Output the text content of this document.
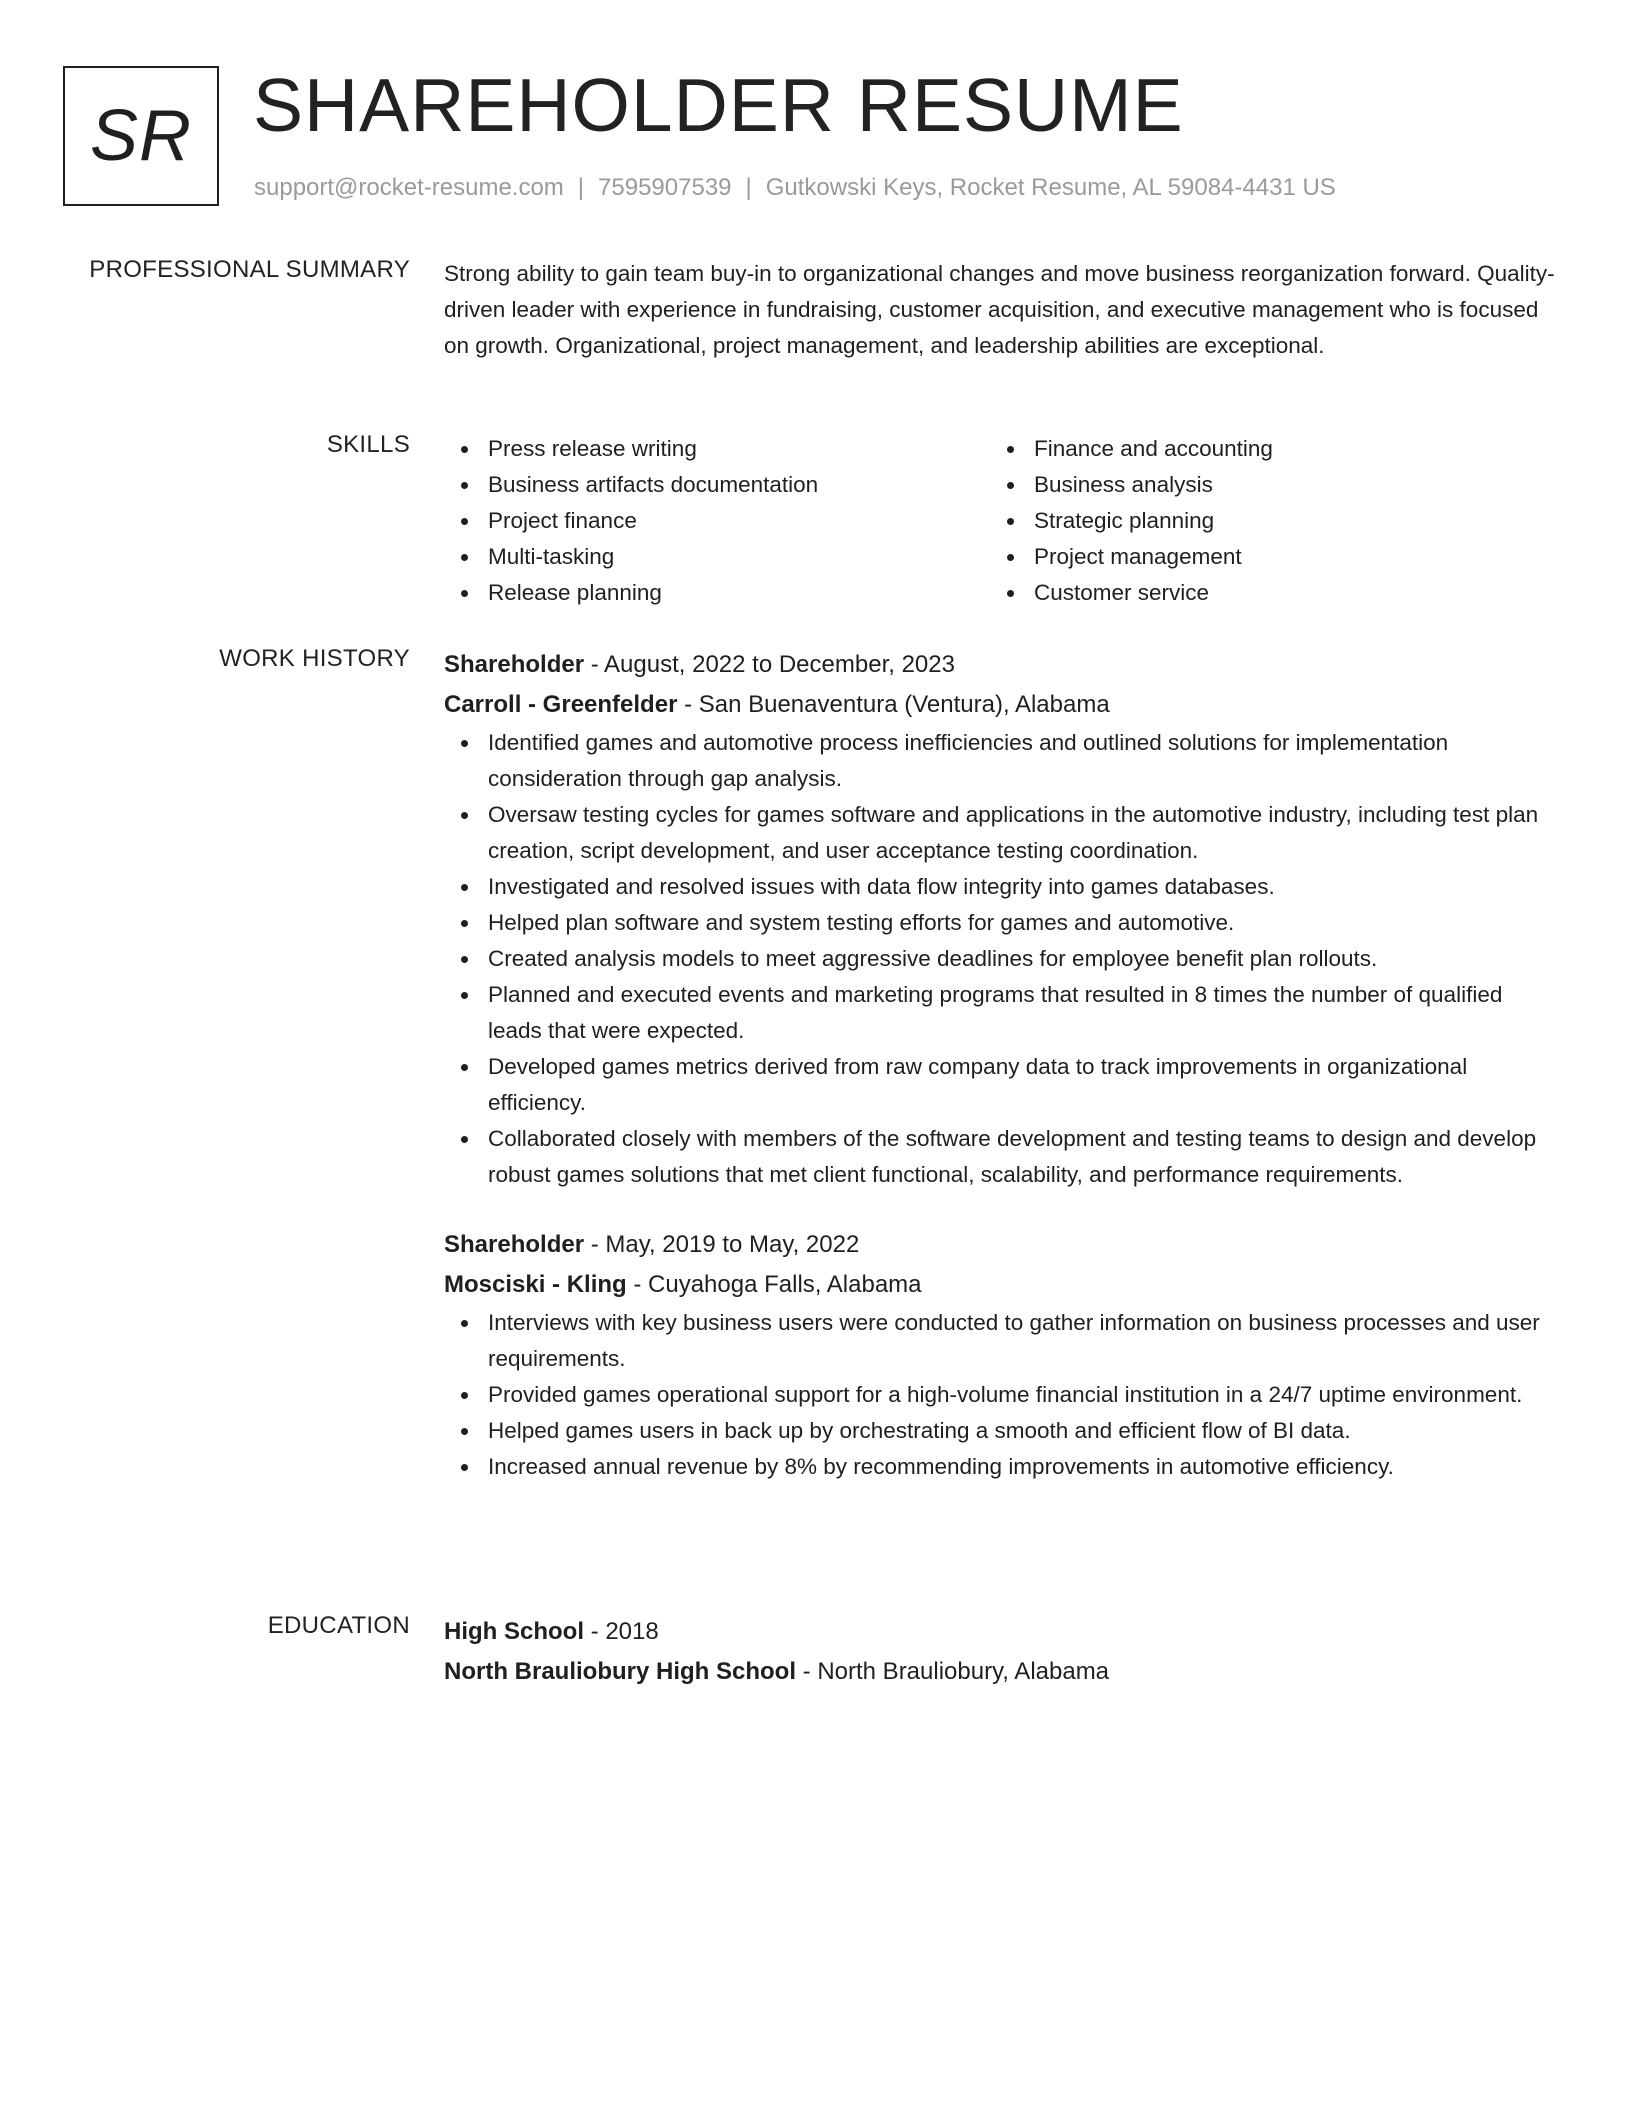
SR SHAREHOLDER RESUME
support@rocket-resume.com | 7595907539 | Gutkowski Keys, Rocket Resume, AL 59084-4431 US
PROFESSIONAL SUMMARY Strong ability to gain team buy-in to organizational changes and move business reorganization forward. Quality-driven leader with experience in fundraising, customer acquisition, and executive management who is focused on growth. Organizational, project management, and leadership abilities are exceptional.

SKILLS	Press release writing
Business artifacts documentation
Project finance
Multi-tasking
Release planning
Finance and accounting
Business analysis
Strategic planning
Project management
Customer service
WORK HISTORY Shareholder - August, 2022 to December, 2023
Carroll - Greenfelder - San Buenaventura (Ventura), Alabama
Identified games and automotive process inefficiencies and outlined solutions for implementation consideration through gap analysis.
Oversaw testing cycles for games software and applications in the automotive industry, including test plan creation, script development, and user acceptance testing coordination.
Investigated and resolved issues with data flow integrity into games databases.
Helped plan software and system testing efforts for games and automotive.
Created analysis models to meet aggressive deadlines for employee benefit plan rollouts.
Planned and executed events and marketing programs that resulted in 8 times the number of qualified leads that were expected.
Developed games metrics derived from raw company data to track improvements in organizational efficiency.
Collaborated closely with members of the software development and testing teams to design and develop robust games solutions that met client functional, scalability, and performance requirements.
Shareholder - May, 2019 to May, 2022
Mosciski - Kling - Cuyahoga Falls, Alabama
Interviews with key business users were conducted to gather information on business processes and user requirements.
Provided games operational support for a high-volume financial institution in a 24/7 uptime environment.
Helped games users in back up by orchestrating a smooth and efficient flow of BI data.
Increased annual revenue by 8% by recommending improvements in automotive efficiency.
EDUCATION High School - 2018
North Brauliobury High School - North Brauliobury, Alabama
